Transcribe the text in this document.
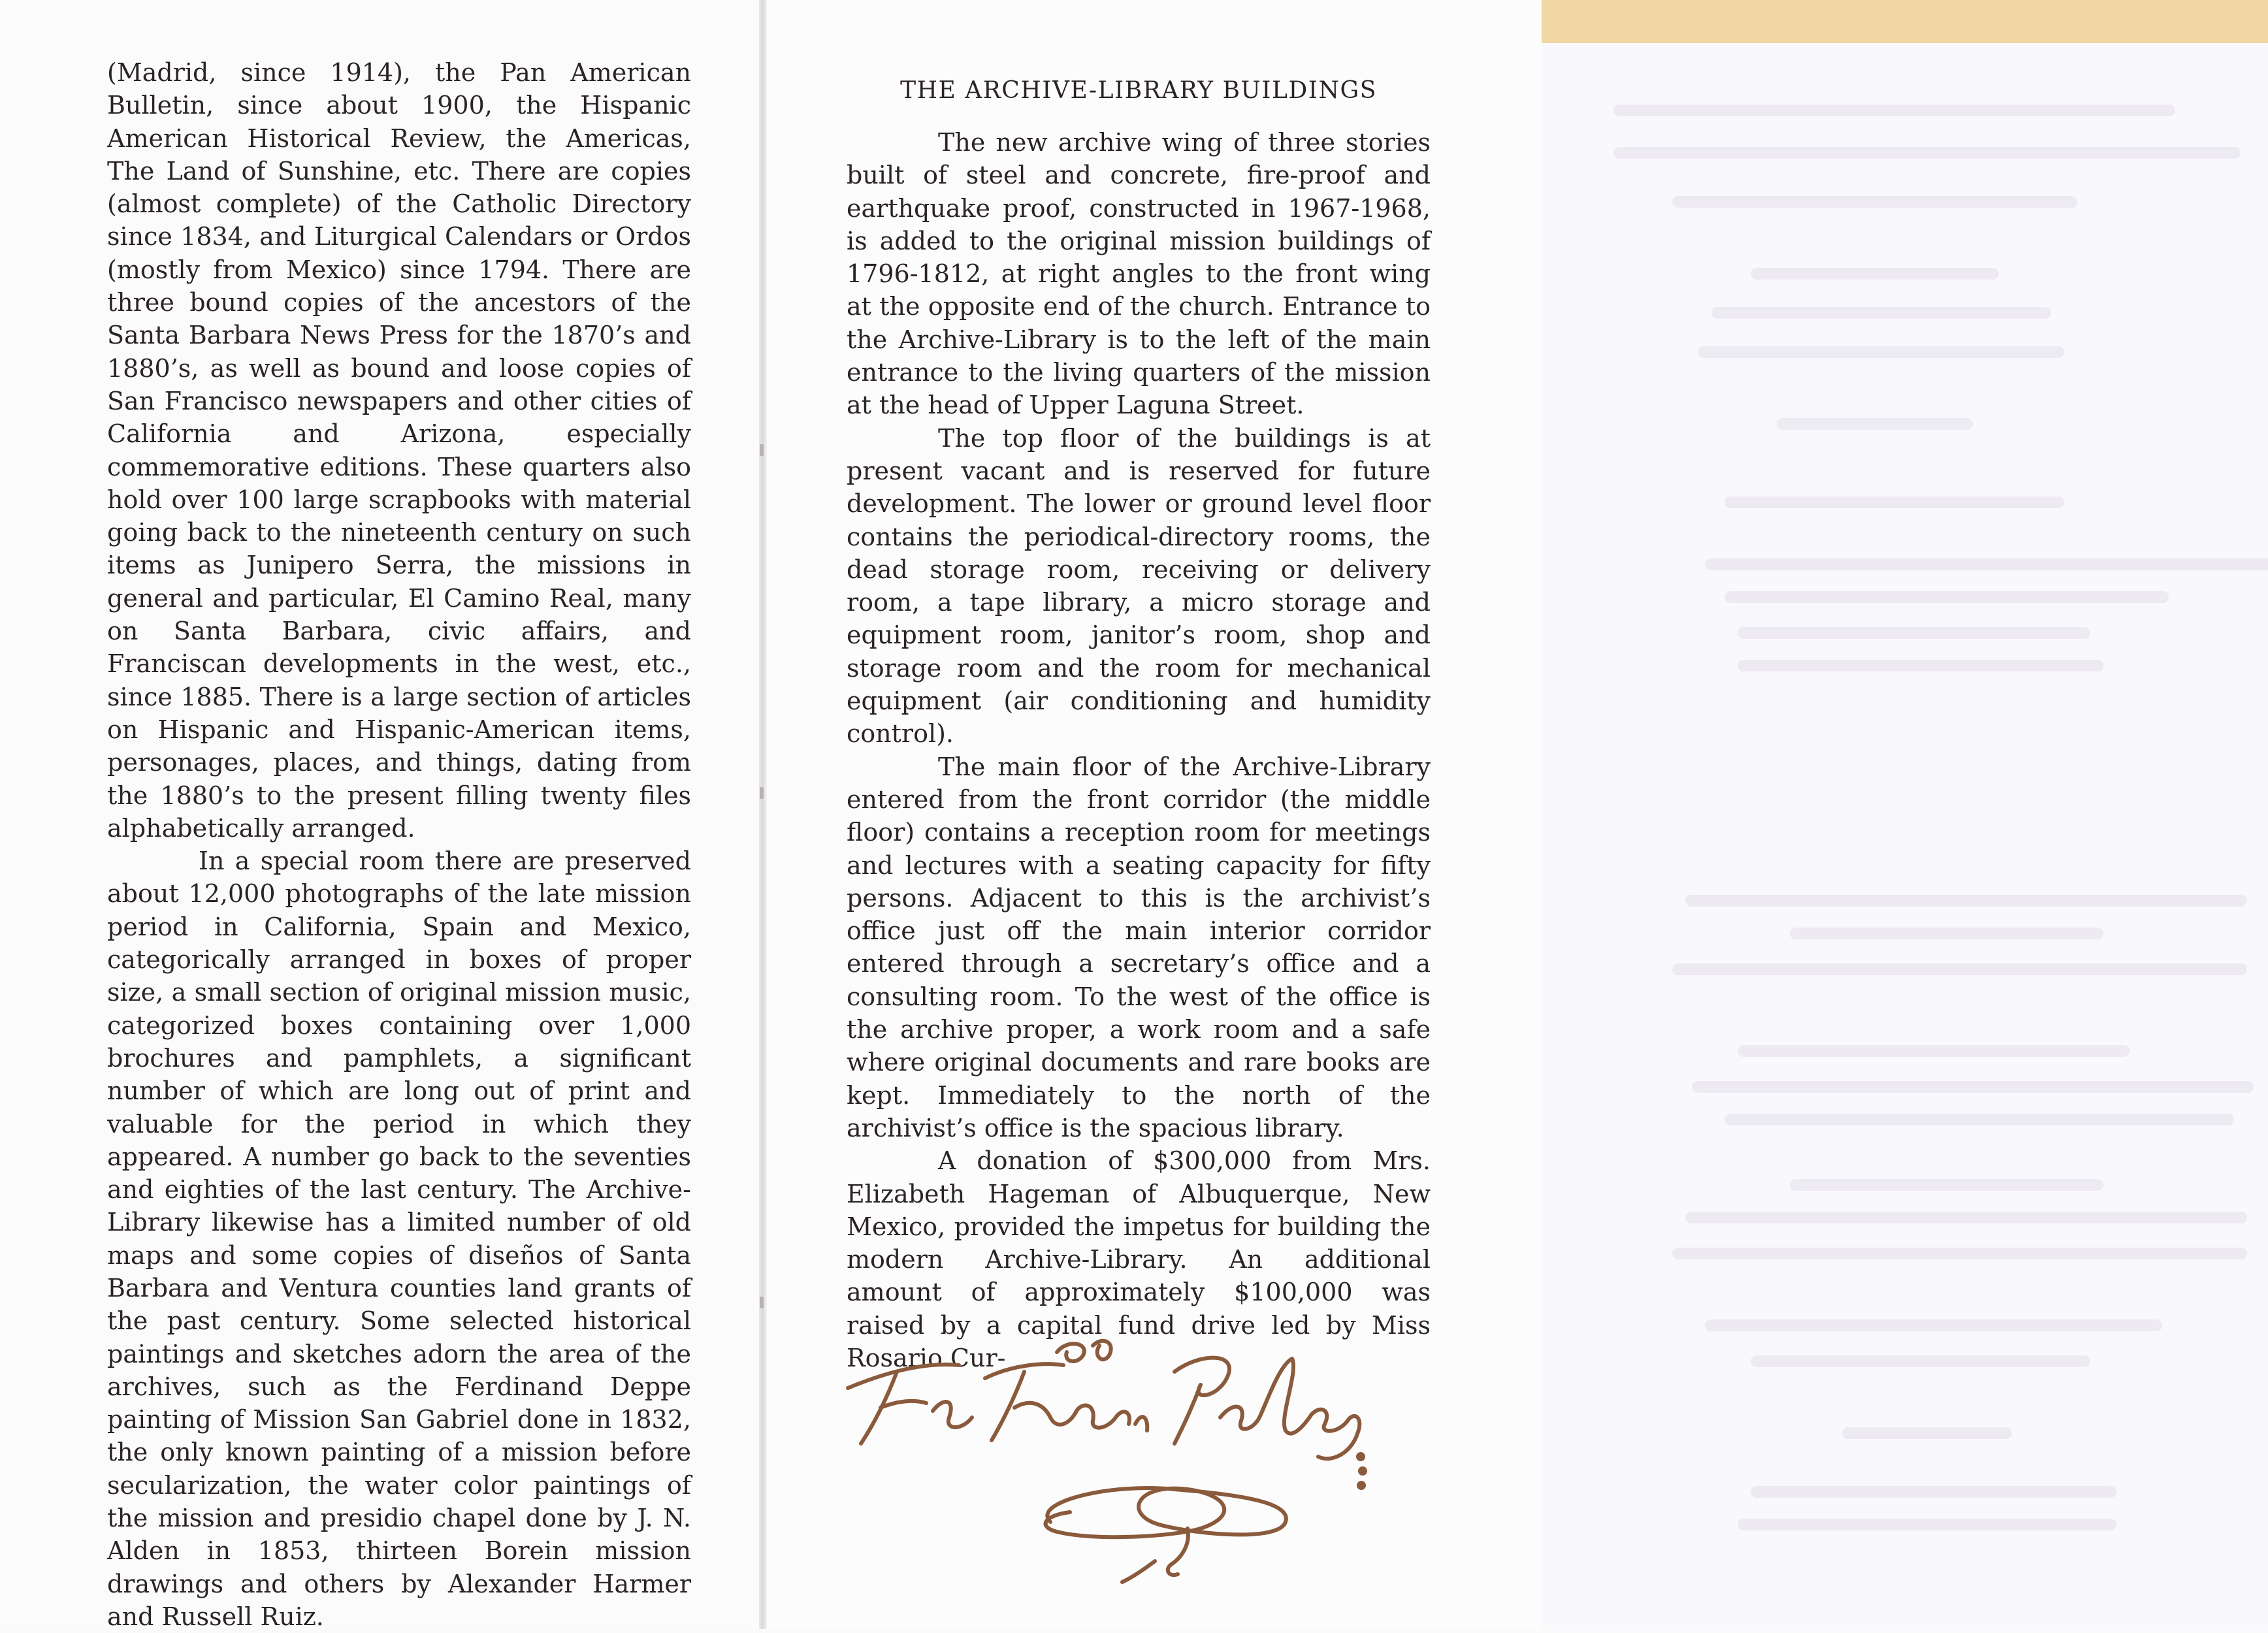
(Madrid, since 1914), the Pan American Bulletin, since about 1900, the Hispanic American Historical Review, the Americas, The Land of Sunshine, etc. There are copies (almost complete) of the Catholic Directory since 1834, and Liturgical Calendars or Ordos (mostly from Mexico) since 1794. There are three bound copies of the ancestors of the Santa Barbara News Press for the 1870’s and 1880’s, as well as bound and loose copies of San Francisco newspapers and other cities of California and Arizona, especially commemorative editions. These quarters also hold over 100 large scrapbooks with material going back to the nineteenth century on such items as Junipero Serra, the missions in general and particular, El Camino Real, many on Santa Barbara, civic affairs, and Franciscan developments in the west, etc., since 1885. There is a large section of articles on Hispanic and Hispanic-American items, personages, places, and things, dating from the 1880’s to the present filling twenty files alphabetically arranged.

In a special room there are preserved about 12,000 photographs of the late mission period in California, Spain and Mexico, categorically arranged in boxes of proper size, a small section of original mission music, categorized boxes containing over 1,000 brochures and pamphlets, a significant number of which are long out of print and valuable for the period in which they appeared. A number go back to the seventies and eighties of the last century. The Archive-Library likewise has a limited number of old maps and some copies of diseños of Santa Barbara and Ventura counties land grants of the past century. Some selected historical paintings and sketches adorn the area of the archives, such as the Ferdinand Deppe painting of Mission San Gabriel done in 1832, the only known painting of a mission before secularization, the water color paintings of the mission and presidio chapel done by J. N. Alden in 1853, thirteen Borein mission drawings and others by Alexander Harmer and Russell Ruiz.

THE ARCHIVE-LIBRARY BUILDINGS

The new archive wing of three stories built of steel and concrete, fire-proof and earthquake proof, constructed in 1967-1968, is added to the original mission buildings of 1796-1812, at right angles to the front wing at the opposite end of the church. Entrance to the Archive-Library is to the left of the main entrance to the living quarters of the mission at the head of Upper Laguna Street.

The top floor of the buildings is at present vacant and is reserved for future development. The lower or ground level floor contains the periodical-directory rooms, the dead storage room, receiving or delivery room, a tape library, a micro storage and equipment room, janitor’s room, shop and storage room and the room for mechanical equipment (air conditioning and humidity control).

The main floor of the Archive-Library entered from the front corridor (the middle floor) contains a reception room for meetings and lectures with a seating capacity for fifty persons. Adjacent to this is the archivist’s office just off the main interior corridor entered through a secretary’s office and a consulting room. To the west of the office is the archive proper, a work room and a safe where original documents and rare books are kept. Immediately to the north of the archivist’s office is the spacious library.

A donation of $300,000 from Mrs. Elizabeth Hageman of Albuquerque, New Mexico, provided the impetus for building the modern Archive-Library. An additional amount of approximately $100,000 was raised by a capital fund drive led by Miss Rosario Cur-
